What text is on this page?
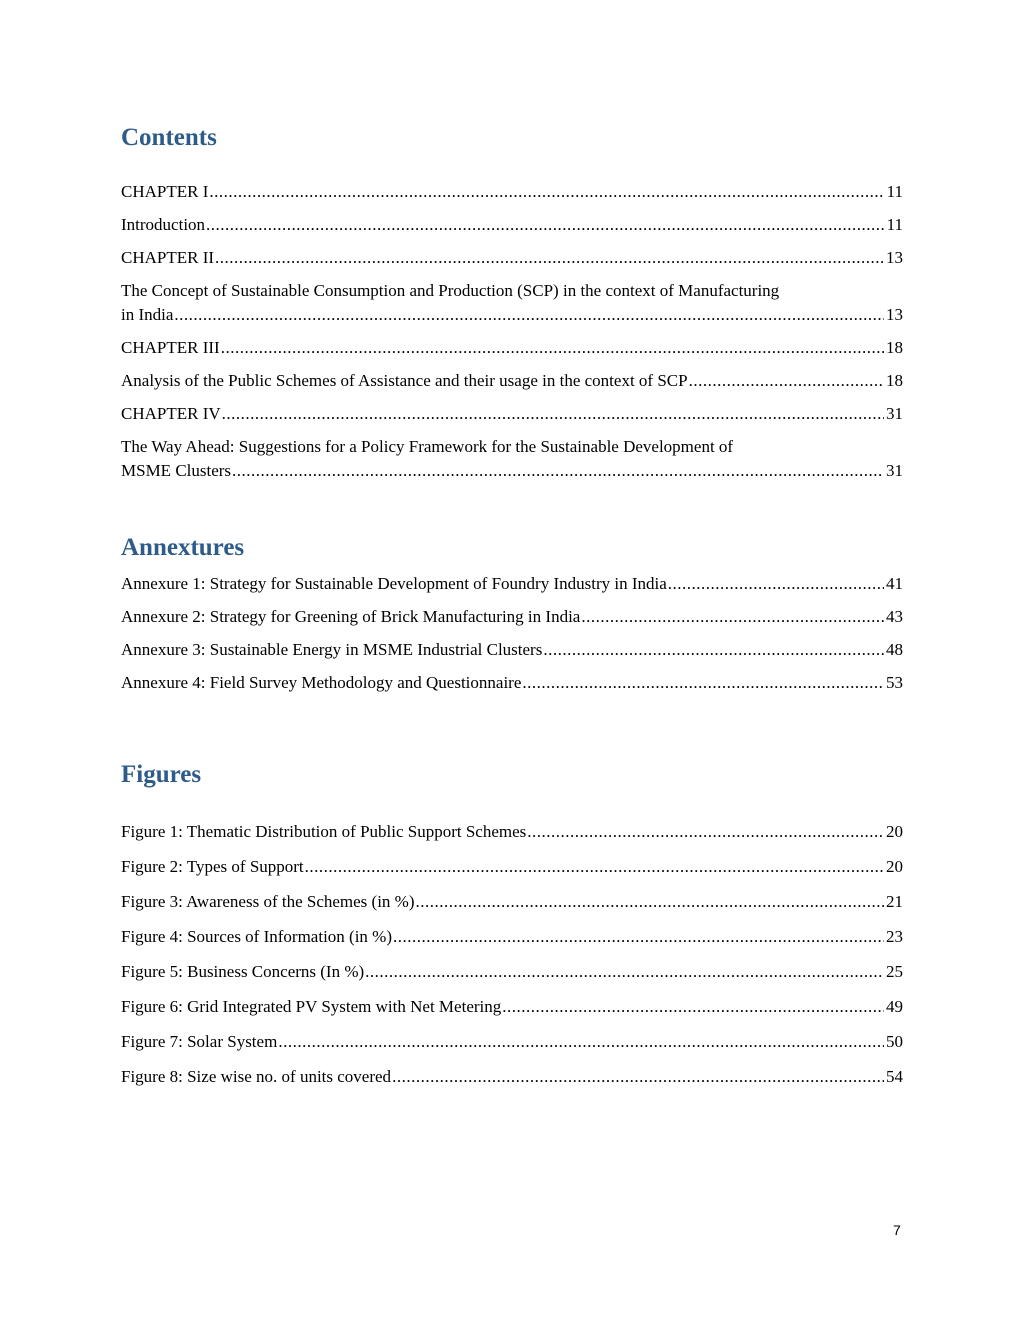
Contents
CHAPTER I .....	11
Introduction .....	11
CHAPTER II .....	13
The Concept of Sustainable Consumption and Production (SCP) in the context of Manufacturing
in India .....	13
CHAPTER III .....	18
Analysis of the Public Schemes of Assistance and their usage in the context of SCP .....	18
CHAPTER IV .....	31
The Way Ahead: Suggestions for a Policy Framework for the Sustainable Development of
MSME Clusters .....	31
Annextures
Annexure 1: Strategy for Sustainable Development of Foundry Industry in India .....	41
Annexure 2: Strategy for Greening of Brick Manufacturing in India .....	43
Annexure 3: Sustainable Energy in MSME Industrial Clusters .....	48
Annexure 4: Field Survey Methodology and Questionnaire .....	53
Figures
Figure 1: Thematic Distribution of Public Support Schemes .....	20
Figure 2: Types of Support .....	20
Figure 3: Awareness of the Schemes (in %) .....	21
Figure 4: Sources of Information (in %) .....	23
Figure 5: Business Concerns (In %) .....	25
Figure 6: Grid Integrated PV System with Net Metering .....	49
Figure 7: Solar System .....	50
Figure 8: Size wise no. of units covered .....	54
7
